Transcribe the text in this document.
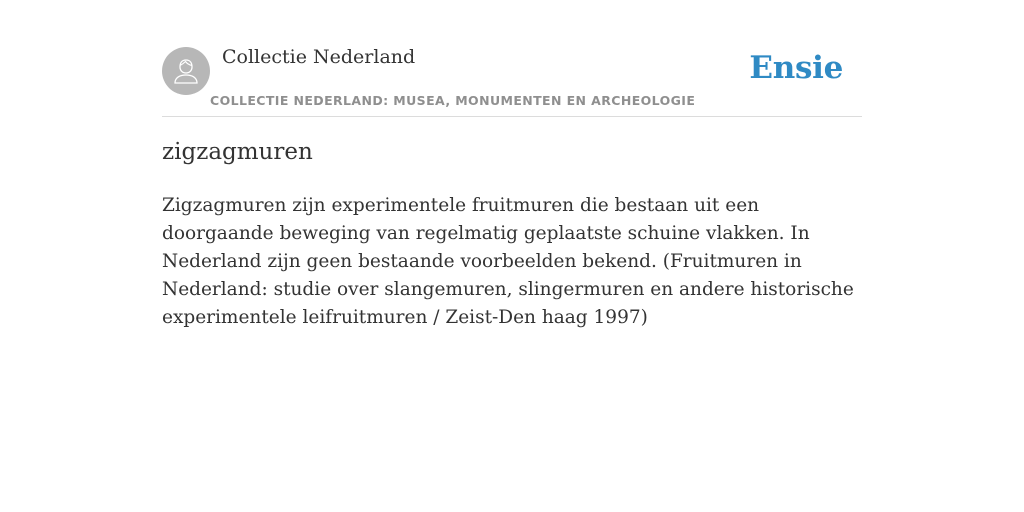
Collectie Nederland
COLLECTIE NEDERLAND: MUSEA, MONUMENTEN EN ARCHEOLOGIE
Ensie
zigzagmuren

Zigzagmuren zijn experimentele fruitmuren die bestaan uit een doorgaande beweging van regelmatig geplaatste schuine vlakken. In Nederland zijn geen bestaande voorbeelden bekend. (Fruitmuren in Nederland: studie over slangemuren, slingermuren en andere historische experimentele leifruitmuren / Zeist-Den haag 1997)
